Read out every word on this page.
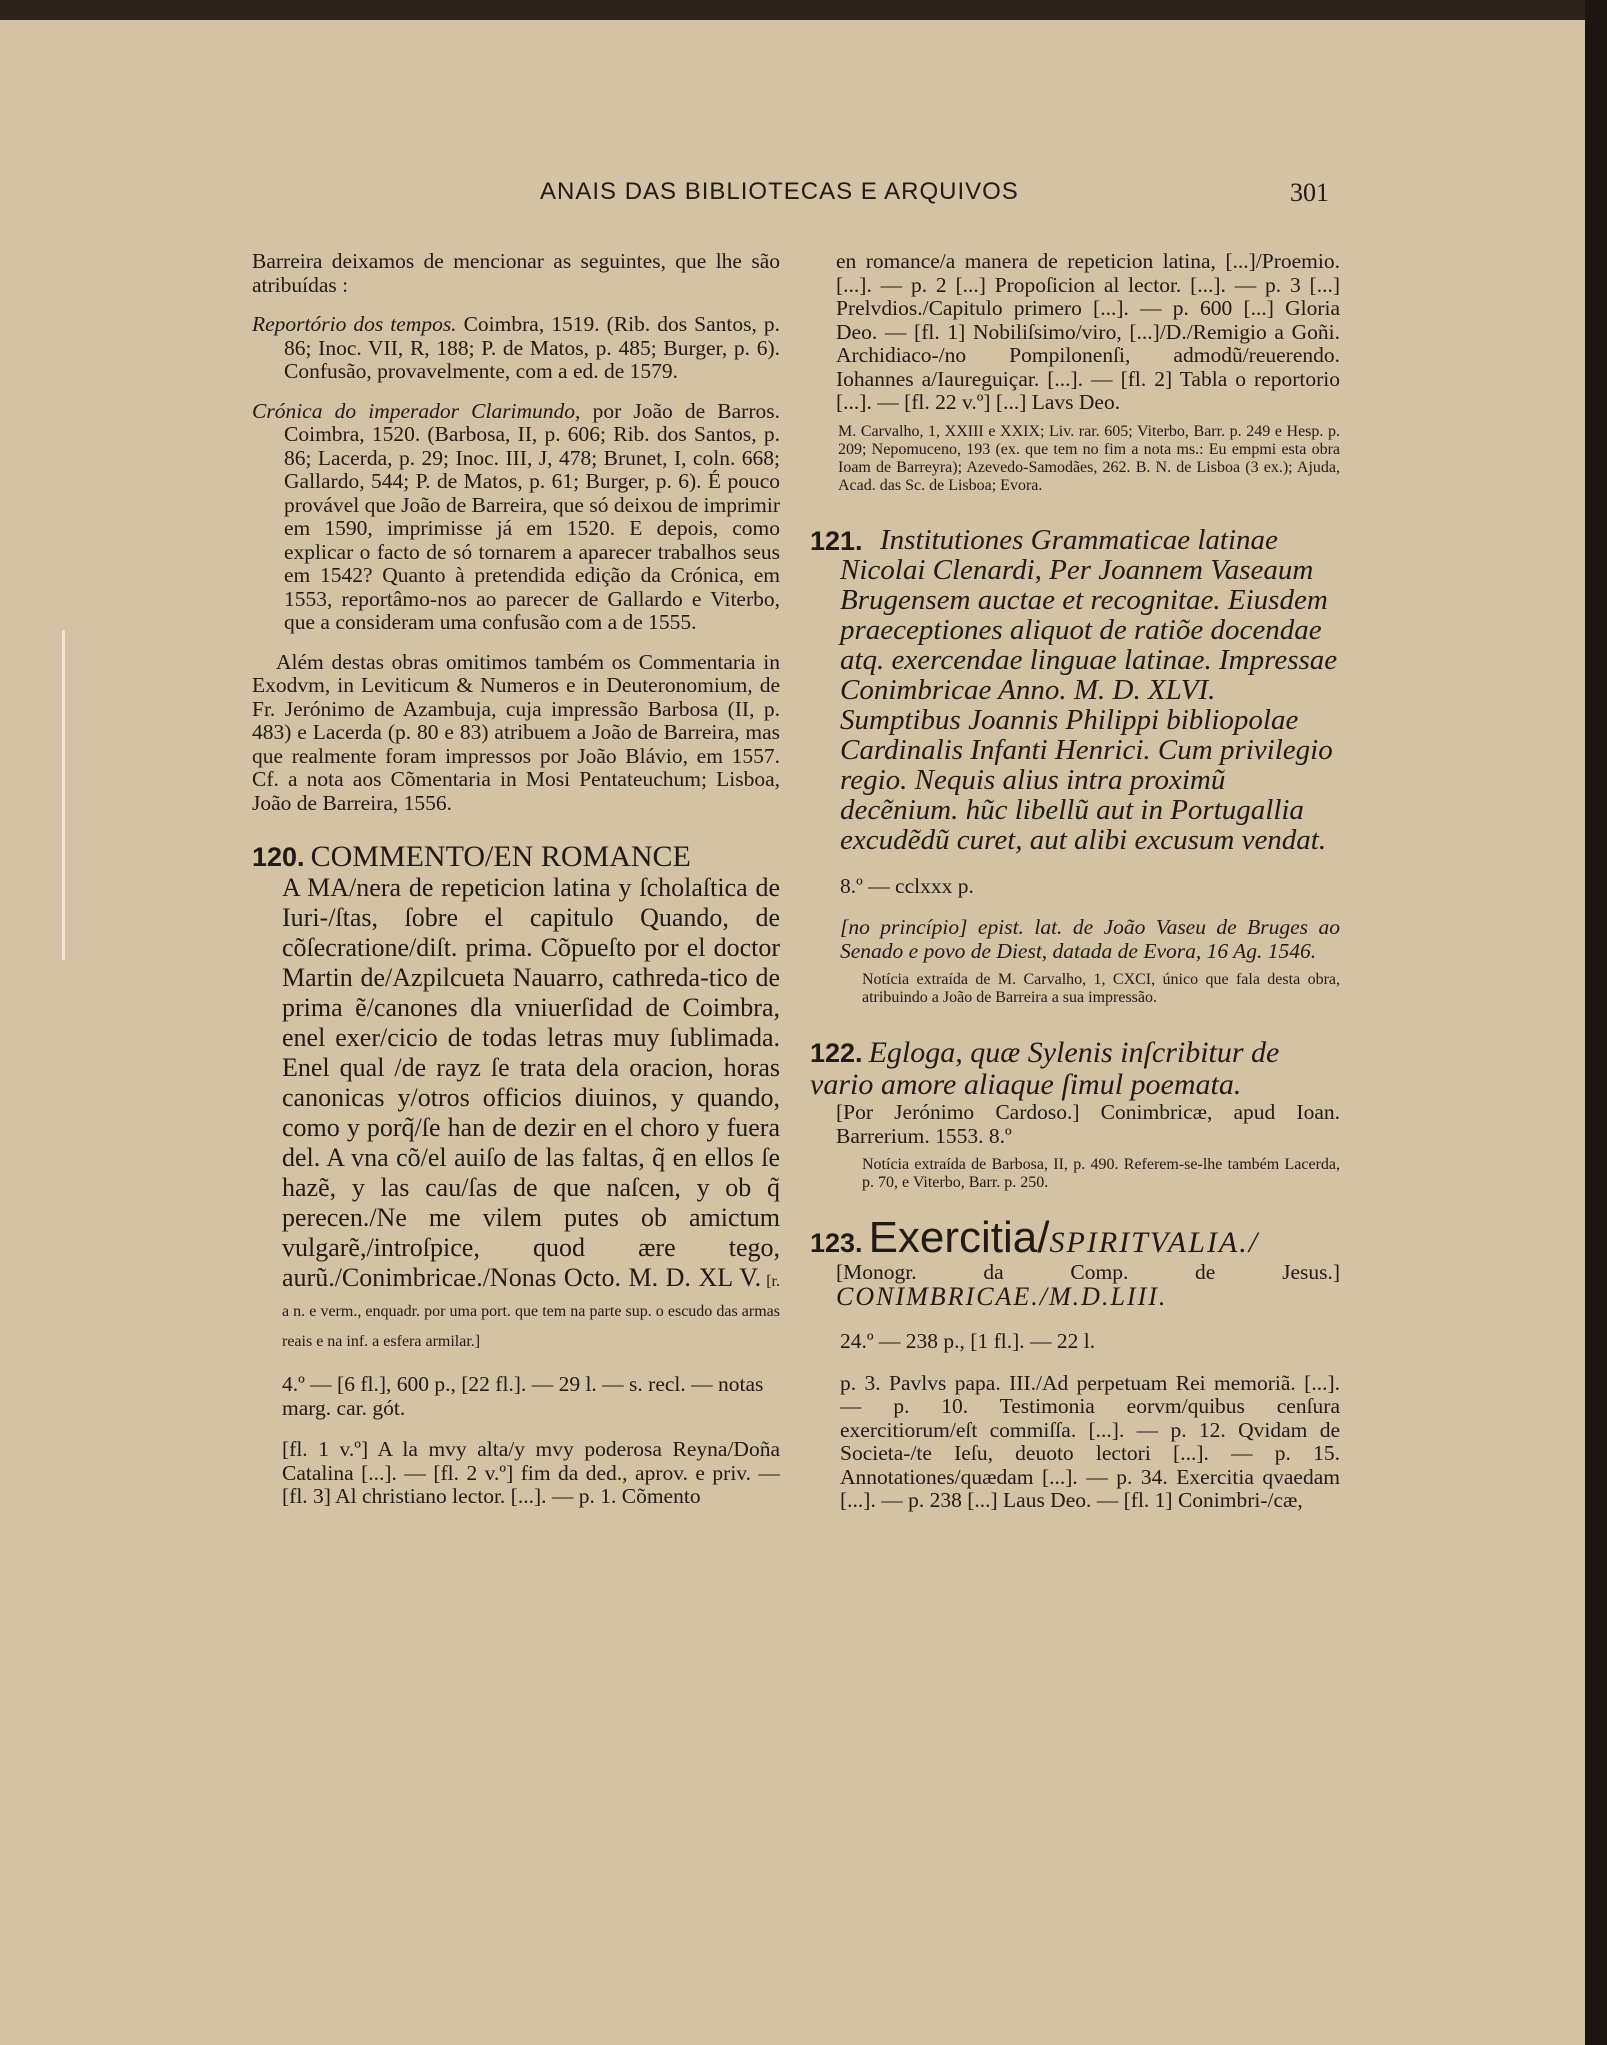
ANAIS DAS BIBLIOTECAS E ARQUIVOS	301

Barreira deixamos de mencionar as seguintes, que lhe são atribuídas :

Reportório dos tempos. Coimbra, 1519. (Rib. dos Santos, p. 86; Inoc. VII, R, 188; P. de Matos, p. 485; Burger, p. 6). Confusão, provavelmente, com a ed. de 1579.

Crónica do imperador Clarimundo, por João de Barros. Coimbra, 1520. (Barbosa, II, p. 606; Rib. dos Santos, p. 86; Lacerda, p. 29; Inoc. III, J, 478; Brunet, I, coln. 668; Gallardo, 544; P. de Matos, p. 61; Burger, p. 6). É pouco provável que João de Barreira, que só deixou de imprimir em 1590, imprimisse já em 1520. E depois, como explicar o facto de só tornarem a aparecer trabalhos seus em 1542? Quanto à pretendida edição da Crónica, em 1553, reportâmo-nos ao parecer de Gallardo e Viterbo, que a consideram uma confusão com a de 1555.

Além destas obras omitimos também os Commentaria in Exodvm, in Leviticum & Numeros e in Deuteronomium, de Fr. Jerónimo de Azambuja, cuja impressão Barbosa (II, p. 483) e Lacerda (p. 80 e 83) atribuem a João de Barreira, mas que realmente foram impressos por João Blávio, em 1557. Cf. a nota aos Cõmentaria in Mosi Pentateuchum; Lisboa, João de Barreira, 1556.

120. COMMENTO/EN ROMANCE

A MA/nera de repeticion latina y ſcholaſtica de Iuri-/ſtas, ſobre el capitulo Quando, de cõſecratione/diſt. prima. Cõpueſto por el doctor Martin de/Azpilcueta Nauarro, cathreda-tico de prima ẽ/canones dla vniuerſidad de Coimbra, enel exer/cicio de todas letras muy ſublimada. Enel qual /de rayz ſe trata dela oracion, horas canonicas y/otros officios diuinos, y quando, como y porq̃/ſe han de dezir en el choro y fuera del. A vna cõ/el auiſo de las faltas, q̃ en ellos ſe hazẽ, y las cau/ſas de que naſcen, y ob q̃ perecen./Ne me vilem putes ob amictum vulgarẽ,/introſpice, quod ære tego, aurũ./Conimbricae./Nonas Octo. M. D. XL V. [r. a n. e verm., enquadr. por uma port. que tem na parte sup. o escudo das armas reais e na inf. a esfera armilar.]

4.º — [6 fl.], 600 p., [22 fl.]. — 29 l. — s. recl. — notas marg. car. gót.

[fl. 1 v.º] A la mvy alta/y mvy poderosa Reyna/Doña Catalina [...]. — [fl. 2 v.º] fim da ded., aprov. e priv. — [fl. 3] Al christiano lector. [...]. — p. 1. Cõmento

en romance/a manera de repeticion latina, [...]/Proemio. [...]. — p. 2 [...] Propoſicion al lector. [...]. — p. 3 [...] Prelvdios./Capitulo primero [...]. — p. 600 [...] Gloria Deo. — [fl. 1] Nobiliſsimo/viro, [...]/D./Remigio a Goñi. Archidiaco-/no Pompilonenſi, admodũ/reuerendo. Iohannes a/Iaureguiçar. [...]. — [fl. 2] Tabla o reportorio [...]. — [fl. 22 v.º] [...] Lavs Deo.

M. Carvalho, 1, XXIII e XXIX; Liv. rar. 605; Viterbo, Barr. p. 249 e Hesp. p. 209; Nepomuceno, 193 (ex. que tem no fim a nota ms.: Eu empmi esta obra Ioam de Barreyra); Azevedo-Samodães, 262. B. N. de Lisboa (3 ex.); Ajuda, Acad. das Sc. de Lisboa; Evora.

121. Institutiones Grammaticae latinae Nicolai Clenardi, Per Joannem Vaseaum Brugensem auctae et recognitae. Eiusdem praeceptiones aliquot de ratiõe docendae atq. exercendae linguae latinae. Impressae Conimbricae Anno. M. D. XLVI. Sumptibus Joannis Philippi bibliopolae Cardinalis Infanti Henrici. Cum privilegio regio. Nequis alius intra proximũ decẽnium. hũc libellũ aut in Portugallia excudẽdũ curet, aut alibi excusum vendat.

8.º — cclxxx p.

[no princípio] epist. lat. de João Vaseu de Bruges ao Senado e povo de Diest, datada de Evora, 16 Ag. 1546.

Notícia extraída de M. Carvalho, 1, CXCI, único que fala desta obra, atribuindo a João de Barreira a sua impressão.

122. Egloga, quæ Sylenis inſcribitur de vario amore aliaque ſimul poemata.

[Por Jerónimo Cardoso.] Conimbricæ, apud Ioan. Barrerium. 1553. 8.º

Notícia extraída de Barbosa, II, p. 490. Referem-se-lhe também Lacerda, p. 70, e Viterbo, Barr. p. 250.

123. Exercitia/SPIRITVALIA./

[Monogr. da Comp. de Jesus.] CONIMBRICAE./M.D.LIII.

24.º — 238 p., [1 fl.]. — 22 l.

p. 3. Pavlvs papa. III./Ad perpetuam Rei memoriã. [...]. — p. 10. Testimonia eorvm/quibus cenſura exercitiorum/eſt commiſſa. [...]. — p. 12. Qvidam de Societa-/te Ieſu, deuoto lectori [...]. — p. 15. Annotationes/quædam [...]. — p. 34. Exercitia qvaedam [...]. — p. 238 [...] Laus Deo. — [fl. 1] Conimbri-/cæ,
